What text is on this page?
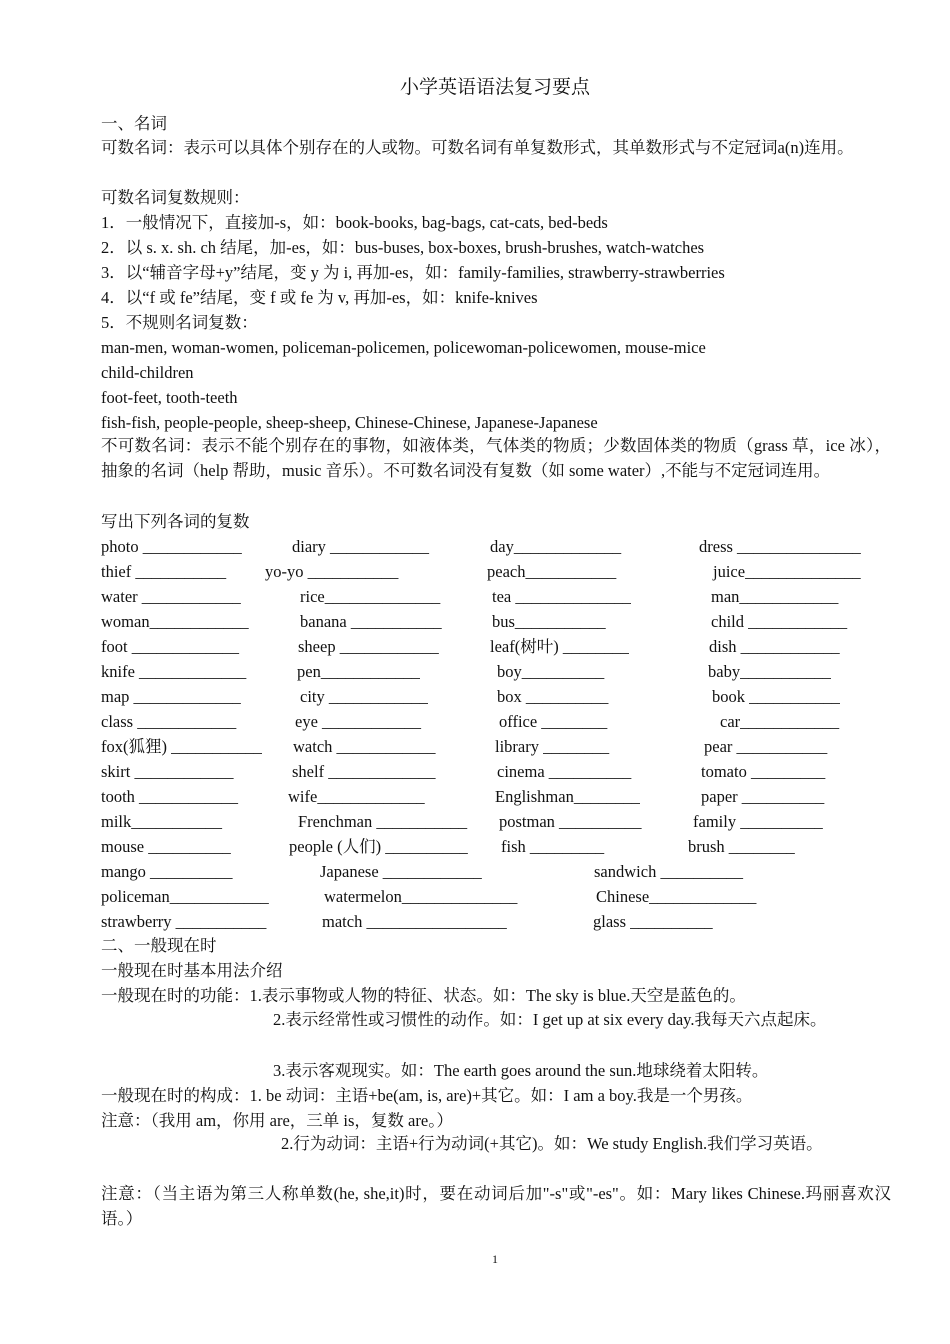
小学英语语法复习要点
一、名词
可数名词：表示可以具体个别存在的人或物。可数名词有单复数形式，其单数形式与不定冠词a(n)连用。
可数名词复数规则：
1．一般情况下，直接加-s，如：book-books, bag-bags, cat-cats, bed-beds
2．以 s. x. sh. ch 结尾，加-es，如：bus-buses, box-boxes, brush-brushes, watch-watches
3．以“辅音字母+y”结尾，变 y 为 i, 再加-es，如：family-families, strawberry-strawberries
4．以“f 或 fe”结尾，变 f 或 fe 为 v, 再加-es，如：knife-knives
5．不规则名词复数：
man-men, woman-women, policeman-policemen, policewoman-policewomen, mouse-mice
child-children
foot-feet, tooth-teeth
fish-fish, people-people, sheep-sheep, Chinese-Chinese, Japanese-Japanese
不可数名词：表示不能个别存在的事物，如液体类，气体类的物质；少数固体类的物质（grass 草，ice 冰），抽象的名词（help 帮助，music 音乐）。不可数名词没有复数（如 some water）,不能与不定冠词连用。
写出下列各词的复数
photo ____________	diary ____________	day_____________	dress _______________
thief ___________ yo-yo ___________	peach___________	juice______________
water ____________	rice______________	tea ______________	man____________
woman____________	banana ___________	bus___________	child ____________
foot _____________	sheep ____________	leaf(树叶) ________	dish ____________
knife _____________	pen____________	boy__________	baby___________
map _____________	city ____________	box __________	book ___________
class ____________	eye ____________	office ________	car____________
fox(狐狸) ___________ watch ____________	library ________	pear ___________
skirt ____________	shelf _____________	cinema __________	tomato _________
tooth ____________	wife_____________	Englishman________	paper __________
milk___________	Frenchman ___________ postman __________	family __________
mouse __________	people (人们) __________ fish _________	brush ________
mango __________	Japanese ____________	sandwich __________
policeman____________	watermelon______________	Chinese_____________
strawberry ___________	match _________________	glass __________
二、一般现在时
一般现在时基本用法介绍
一般现在时的功能：1.表示事物或人物的特征、状态。如：The sky is blue.天空是蓝色的。
2.表示经常性或习惯性的动作。如：I get up at six every day.我每天六点起床。
3.表示客观现实。如：The earth goes around the sun.地球绕着太阳转。
一般现在时的构成：1. be 动词：主语+be(am, is, are)+其它。如：I am a boy.我是一个男孩。
注意：（我用 am，你用 are，三单 is，复数 are。）
2.行为动词：主语+行为动词(+其它)。如：We study English.我们学习英语。
注意：（当主语为第三人称单数(he, she,it)时，要在动词后加"-s"或"-es"。如：Mary likes Chinese.玛丽喜欢汉语。）
1
